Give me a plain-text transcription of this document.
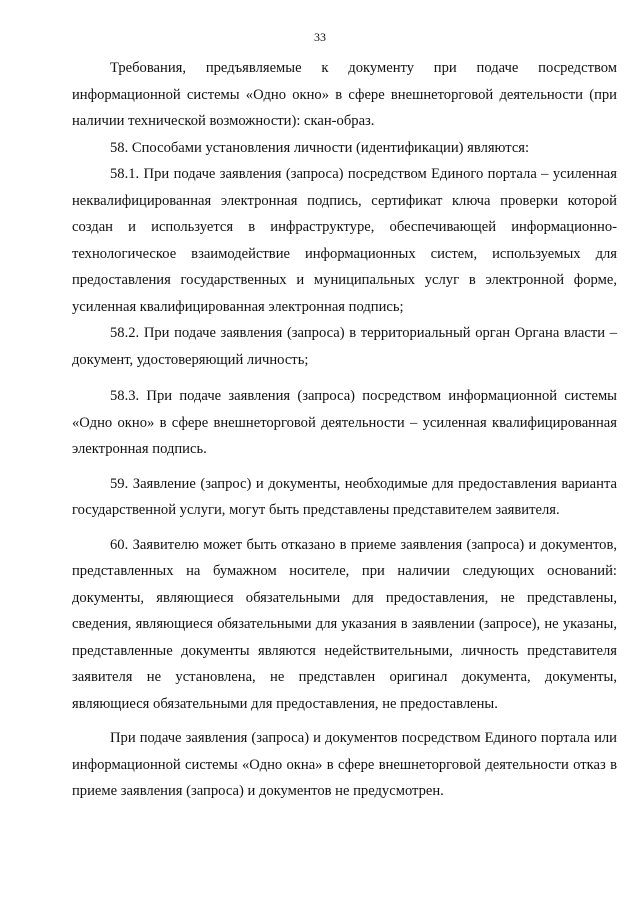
33

Требования, предъявляемые к документу при подаче посредством информационной системы «Одно окно» в сфере внешнеторговой деятельности (при наличии технической возможности): скан-образ.

58. Способами установления личности (идентификации) являются:

58.1. При подаче заявления (запроса) посредством Единого портала – усиленная неквалифицированная электронная подпись, сертификат ключа проверки которой создан и используется в инфраструктуре, обеспечивающей информационно-технологическое взаимодействие информационных систем, используемых для предоставления государственных и муниципальных услуг в электронной форме, усиленная квалифицированная электронная подпись;

58.2. При подаче заявления (запроса) в территориальный орган Органа власти – документ, удостоверяющий личность;

58.3. При подаче заявления (запроса) посредством информационной системы «Одно окно» в сфере внешнеторговой деятельности – усиленная квалифицированная электронная подпись.

59. Заявление (запрос) и документы, необходимые для предоставления варианта государственной услуги, могут быть представлены представителем заявителя.

60. Заявителю может быть отказано в приеме заявления (запроса) и документов, представленных на бумажном носителе, при наличии следующих оснований: документы, являющиеся обязательными для предоставления, не представлены, сведения, являющиеся обязательными для указания в заявлении (запросе), не указаны, представленные документы являются недействительными, личность представителя заявителя не установлена, не представлен оригинал документа, документы, являющиеся обязательными для предоставления, не предоставлены.

При подаче заявления (запроса) и документов посредством Единого портала или информационной системы «Одно окна» в сфере внешнеторговой деятельности отказ в приеме заявления (запроса) и документов не предусмотрен.
